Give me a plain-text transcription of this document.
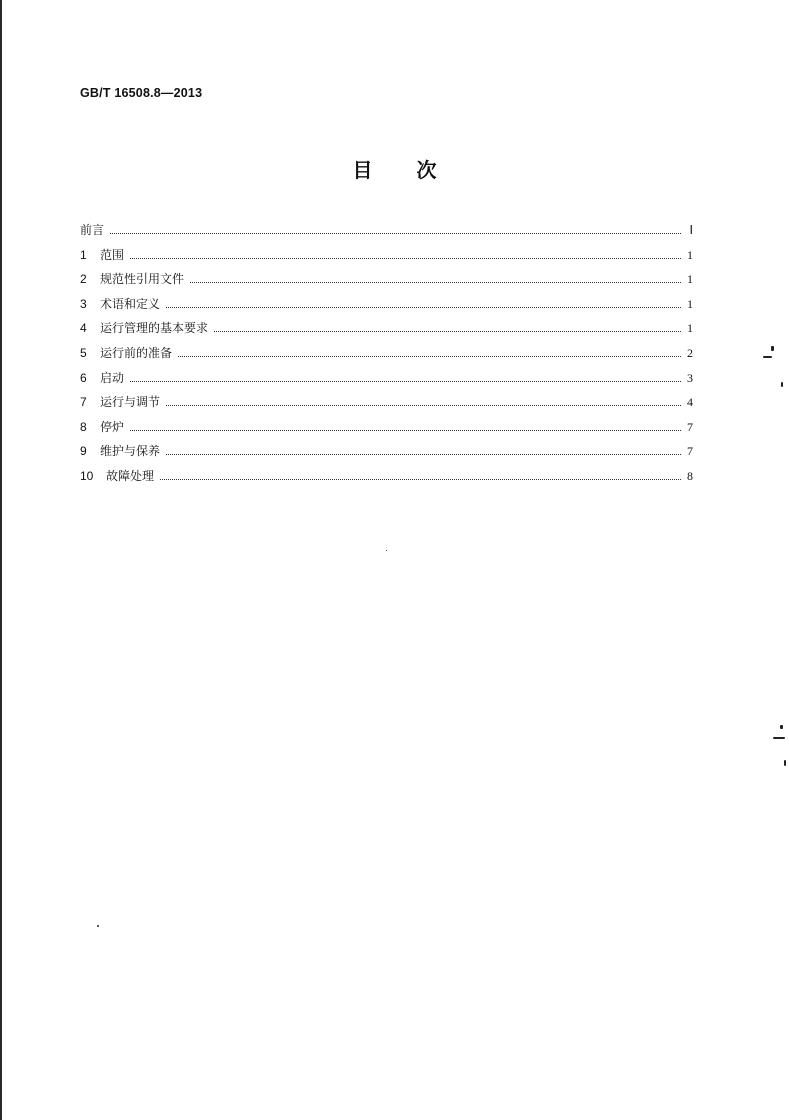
GB/T 16508.8—2013
目次
前言	Ⅰ
1	范围	1
2	规范性引用文件	1
3	术语和定义	1
4	运行管理的基本要求	1
5	运行前的准备	2
6	启动	3
7	运行与调节	4
8	停炉	7
9	维护与保养	7
10	故障处理	8
